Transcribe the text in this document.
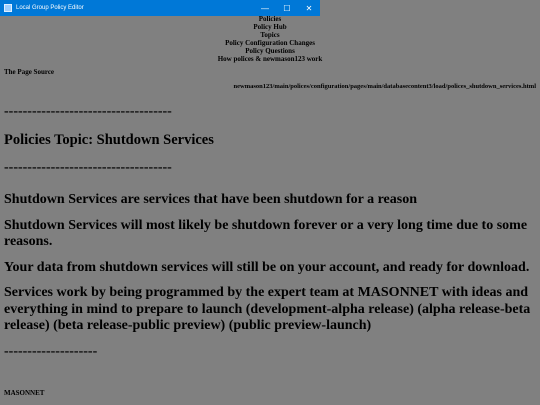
Local Group Policy Editor	—	☐	✕
Policies
Policy Hub
Topics
Policy Configuration Changes
Policy Questions
How polices & newmason123 work
The Page Source
newmason123/main/polices/configuration/pages/main/databasecontent3/load/polices_shutdown_services.html

------------------------------------

Policies Topic: Shutdown Services

------------------------------------

Shutdown Services are services that have been shutdown for a reason

Shutdown Services will most likely be shutdown forever or a very long time due to some reasons.

Your data from shutdown services will still be on your account, and ready for download.

Services work by being programmed by the expert team at MASONNET with ideas and everything in mind to prepare to launch (development-alpha release) (alpha release-beta release) (beta release-public preview) (public preview-launch)

--------------------

MASONNET
